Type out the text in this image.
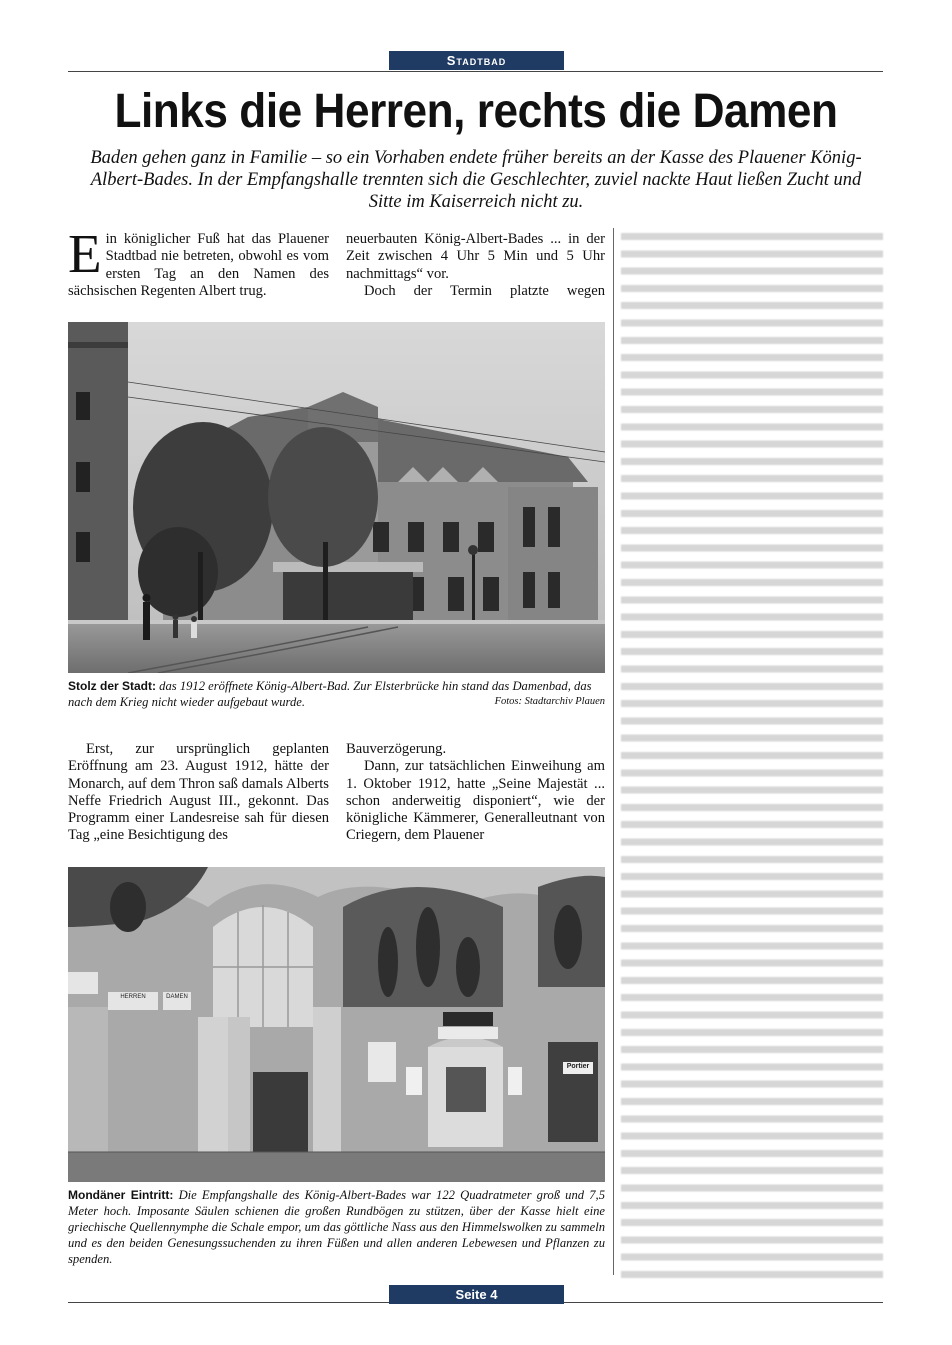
Stadtbad
Links die Herren, rechts die Damen
Baden gehen ganz in Familie – so ein Vorhaben endete früher bereits an der Kasse des Plauener König-Albert-Bades. In der Empfangshalle trennten sich die Geschlechter, zuviel nackte Haut ließen Zucht und Sitte im Kaiserreich nicht zu.

Ein königlicher Fuß hat das Plauener Stadtbad nie betreten, obwohl es vom ersten Tag an den Namen des sächsischen Regenten Albert trug.

neuerbauten König-Albert-Bades ... in der Zeit zwischen 4 Uhr 5 Min und 5 Uhr nachmittags“ vor.

Doch der Termin platzte wegen

Stolz der Stadt: das 1912 eröffnete König-Albert-Bad. Zur Elsterbrücke hin stand das Damenbad, das nach dem Krieg nicht wieder aufgebaut wurde.	Fotos: Stadtarchiv Plauen

Erst, zur ursprünglich geplanten Eröffnung am 23. August 1912, hätte der Monarch, auf dem Thron saß damals Alberts Neffe Friedrich August III., gekonnt. Das Programm einer Landesreise sah für diesen Tag „eine Besichtigung des

Bauverzögerung.

Dann, zur tatsächlichen Einweihung am 1. Oktober 1912, hatte „Seine Majestät ... schon anderweitig disponiert“, wie der königliche Kämmerer, Generalleutnant von Criegern, dem Plauener

HERREN	DAMEN
Portier
Mondäner Eintritt: Die Empfangshalle des König-Albert-Bades war 122 Quadratmeter groß und 7,5 Meter hoch. Imposante Säulen schienen die großen Rundbögen zu stützen, über der Kasse hielt eine griechische Quellennymphe die Schale empor, um das göttliche Nass aus den Himmelswolken zu sammeln und es den beiden Genesungssuchenden zu ihren Füßen und allen anderen Lebewesen und Pflanzen zu spenden.
Seite 4
